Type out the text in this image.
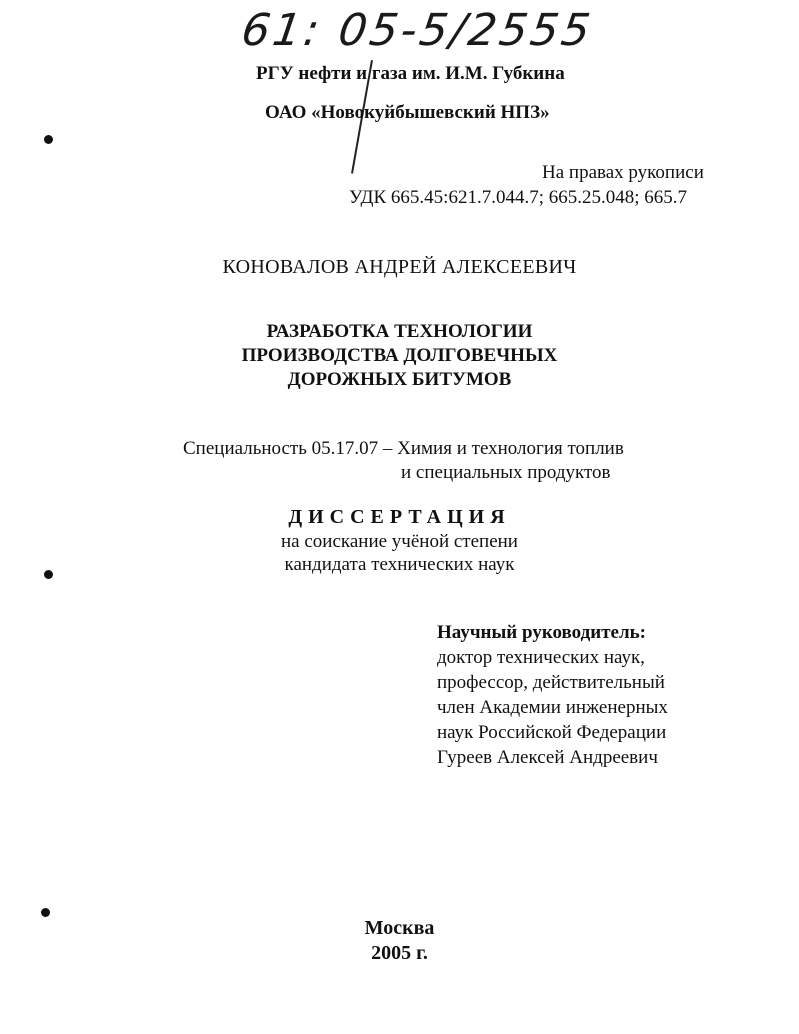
61: 05-5/2555
РГУ нефти и газа им. И.М. Губкина
ОАО «Новокуйбышевский НПЗ»
На правах рукописи
УДК 665.45:621.7.044.7; 665.25.048; 665.7
КОНОВАЛОВ АНДРЕЙ АЛЕКСЕЕВИЧ
РАЗРАБОТКА ТЕХНОЛОГИИ
ПРОИЗВОДСТВА ДОЛГОВЕЧНЫХ
ДОРОЖНЫХ БИТУМОВ
Специальность 05.17.07 – Химия и технология топлив
и специальных продуктов
ДИССЕРТАЦИЯ
на соискание учёной степени
кандидата технических наук
Научный руководитель:
доктор технических наук,
профессор, действительный
член Академии инженерных
наук Российской Федерации
Гуреев Алексей Андреевич
Москва
2005 г.
